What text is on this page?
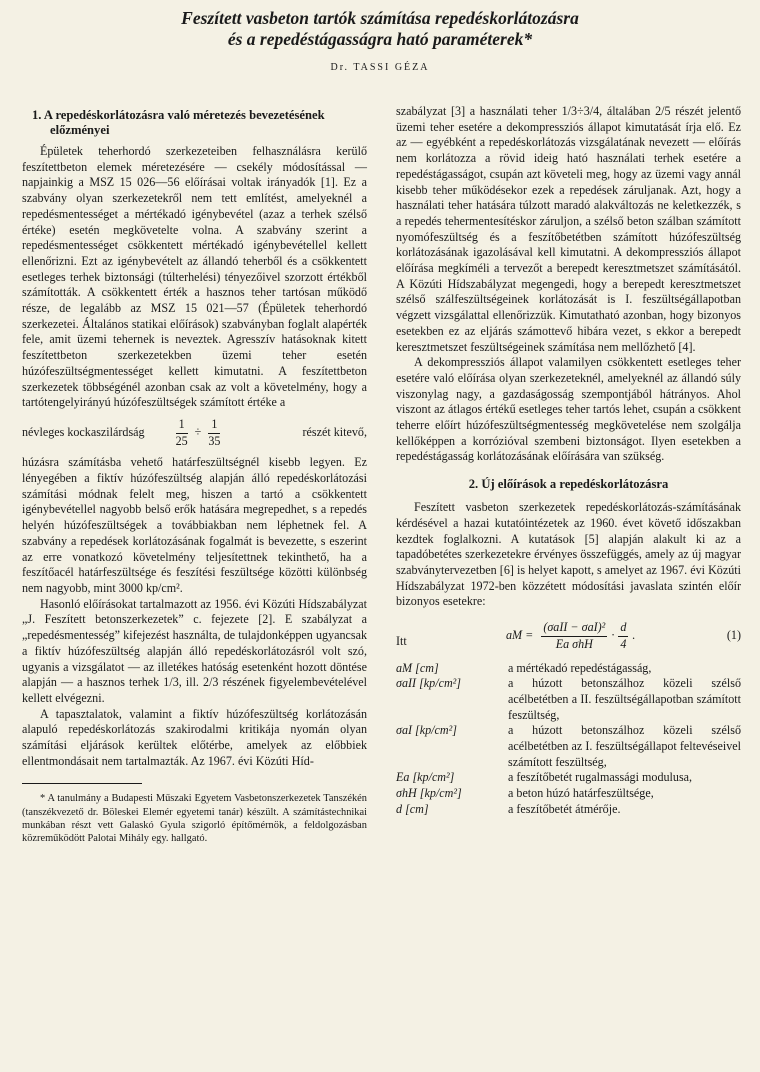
Feszített vasbeton tartók számítása repedéskorlátozásra
és a repedéstágasságra ható paraméterek*
Dr. TASSI GÉZA
1. A repedéskorlátozásra való méretezés bevezetésének előzményei

Épületek teherhordó szerkezeteiben felhasználásra kerülő feszítettbeton elemek méretezésére — csekély módosítással — napjainkig a MSZ 15 026—56 előírásai voltak irányadók [1]. Ez a szabvány olyan szerkezetekről nem tett említést, amelyeknél a repedésmentességet a mértékadó igénybevétel (azaz a terhek szélső értéke) esetén megkövetelte volna. A szabvány szerint a repedésmentességet csökkentett mértékadó igénybevétellel kellett ellenőrizni. Ezt az igénybevételt az állandó teherből és a csökkentett esetleges terhek biztonsági (túlterhelési) tényezőivel szorzott értékből számították. A csökkentett érték a hasznos teher tartósan működő része, de legalább az MSZ 15 021—57 (Épületek teherhordó szerkezetei. Általános statikai előírások) szabványban foglalt alapérték fele, amit üzemi tehernek is neveztek. Agresszív hatásoknak kitett feszítettbeton szerkezetekben üzemi teher esetén húzófeszültségmentességet kellett kimutatni. A feszítettbeton szerkezetek többségénél azonban csak az volt a követelmény, hogy a tartótengelyirányú húzófeszültségek számított értéke a

névleges kockaszilárdság $\frac{1}{25} \div \frac{1}{35}$	részét kitevő,

húzásra számításba vehető határfeszültségnél kisebb legyen. Ez lényegében a fiktív húzófeszültség alapján álló repedéskorlátozási számítási módnak felelt meg, hiszen a tartó a csökkentett igénybevétellel nagyobb belső erők hatására megrepedhet, s a repedés helyén húzófeszültségek a továbbiakban nem léphetnek fel. A szabvány a repedések korlátozásának fogalmát is bevezette, s eszerint az erre vonatkozó követelmény teljesítettnek tekinthető, ha a feszítőacél határfeszültsége és feszítési feszültsége közötti különbség nem nagyobb, mint 3000 kp/cm².

Hasonló előírásokat tartalmazott az 1956. évi Közúti Hídszabályzat „J. Feszített betonszerkezetek” c. fejezete [2]. E szabályzat a „repedésmentesség” kifejezést használta, de tulajdonképpen ugyancsak a fiktív húzófeszültség alapján álló repedéskorlátozásról volt szó, ugyanis a vizsgálatot — az illetékes hatóság esetenként hozott döntése alapján — a hasznos terhek 1/3, ill. 2/3 részének figyelembevételével kellett elvégezni.

A tapasztalatok, valamint a fiktív húzófeszültség korlátozásán alapuló repedéskorlátozás szakirodalmi kritikája nyomán olyan számítási eljárások kerültek előtérbe, amelyek az előbbiek ellentmondásait nem tartalmazták. Az 1967. évi Közúti Híd-

* A tanulmány a Budapesti Műszaki Egyetem Vasbetonszerkezetek Tanszékén (tanszékvezető dr. Böleskei Elemér egyetemi tanár) készült. A számítástechnikai munkában részt vett Galaskó Gyula szigorló építőmérnök, a feldolgozásban közreműködött Palotai Mihály egy. hallgató.

szabályzat [3] a használati teher 1/3÷3/4, általában 2/5 részét jelentő üzemi teher esetére a dekompressziós állapot kimutatását írja elő. Ez az — egyébként a repedéskorlátozás vizsgálatának nevezett — előírás nem korlátozza a rövid ideig ható használati terhek esetére a repedéstágasságot, csupán azt követeli meg, hogy az üzemi vagy annál kisebb teher működésekor ezek a repedések záruljanak. Azt, hogy a használati teher hatására túlzott maradó alakváltozás ne keletkezzék, s a repedés tehermentesítéskor záruljon, a szélső beton szálban számított nyomófeszültség és a feszítőbetétben számított húzófeszültség korlátozásának igazolásával kell kimutatni. A dekompressziós állapot előírása megkíméli a tervezőt a berepedt keresztmetszet számításától. A Közúti Hídszabályzat megengedi, hogy a berepedt keresztmetszet szélső szálfeszültségeinek korlátozását is I. feszültségállapotban végzett vizsgálattal ellenőrizzük. Kimutatható azonban, hogy bizonyos esetekben ez az eljárás számottevő hibára vezet, s ekkor a berepedt keresztmetszet feszültségeinek számítása nem mellőzhető [4].

A dekompressziós állapot valamilyen csökkentett esetleges teher esetére való előírása olyan szerkezeteknél, amelyeknél az állandó súly viszonylag nagy, a gazdaságosság szempontjából hátrányos. Ahol viszont az átlagos értékű esetleges teher tartós lehet, csupán a csökkent teherre előírt húzófeszültségmentesség megkövetelése nem szolgálja kellőképpen a korrózióval szembeni biztonságot. Ilyen esetekben a repedéstágasság korlátozásának előírására van szükség.

2. Új előírások a repedéskorlátozásra

Feszített vasbeton szerkezetek repedéskorlátozás-számításának kérdésével a hazai kutatóintézetek az 1960. évet követő időszakban kezdtek foglalkozni. A kutatások [5] alapján alakult ki az a tapadóbetétes szerkezetekre érvényes összefüggés, amely az új magyar szabványtervezetben [6] is helyet kapott, s amelyet az 1967. évi Közúti Hídszabályzat 1972-ben közzétett módosítási javaslata szintén előír bizonyos esetekre:

Itt	aM = $\frac{\text{(σaII − σaI)²}}{\text{Ea σhH}} \cdot \frac{d}{4}$ .	(1)
aM [cm]	a mértékadó repedéstágasság,
σaII [kp/cm²]	a húzott betonszálhoz közeli szélső acélbetétben a II. feszültségállapotban számított feszültség,
σaI [kp/cm²]	a húzott betonszálhoz közeli szélső acélbetétben az I. feszültségállapot feltevéseivel számított feszültség,
Ea [kp/cm²]	a feszítőbetét rugalmassági modulusa,
σhH [kp/cm²]	a beton húzó határfeszültsége,
d [cm]	a feszítőbetét átmérője.
